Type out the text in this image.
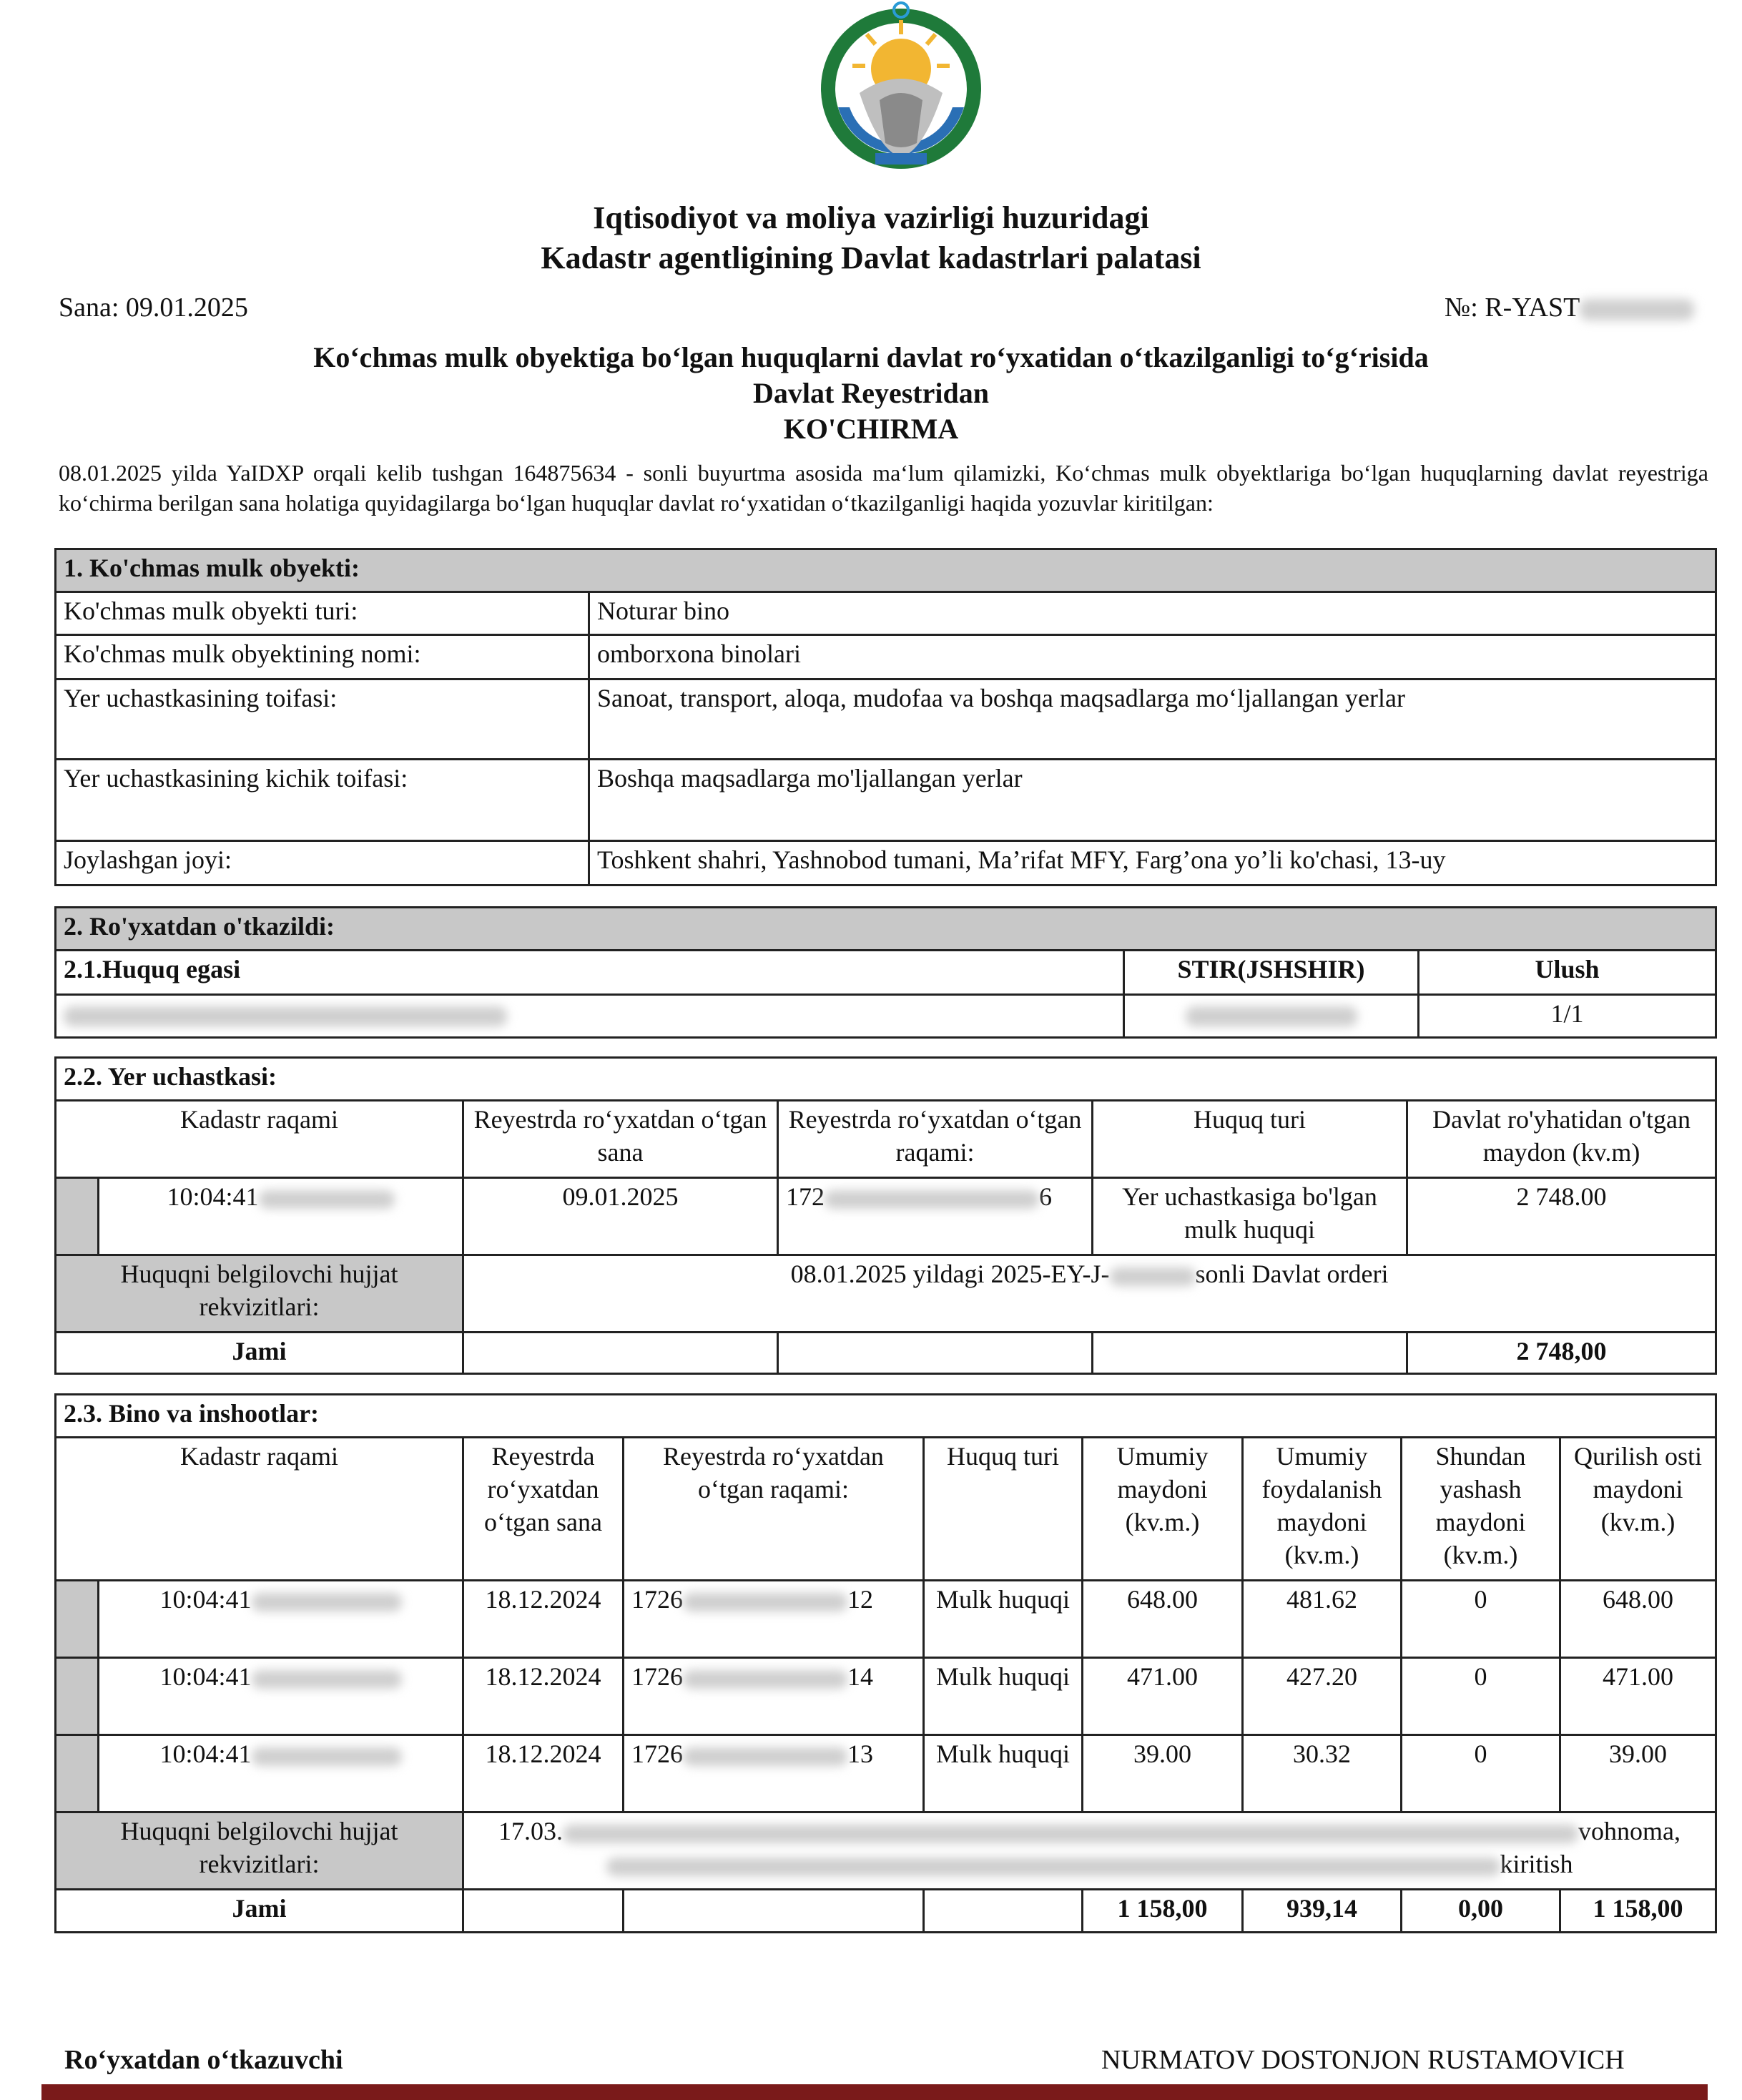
Iqtisodiyot va moliya vazirligi huzuridagi
Kadastr agentligining Davlat kadastrlari palatasi
Sana: 09.01.2025	№: R-YAST
Koʻchmas mulk obyektiga boʻlgan huquqlarni davlat roʻyxatidan oʻtkazilganligi toʻgʻrisida
Davlat Reyestridan
KO'CHIRMA
08.01.2025 yilda YaIDXP orqali kelib tushgan 164875634 - sonli buyurtma asosida maʻlum qilamizki, Koʻchmas mulk obyektlariga boʻlgan huquqlarning davlat reyestriga koʻchirma berilgan sana holatiga quyidagilarga boʻlgan huquqlar davlat roʻyxatidan oʻtkazilganligi haqida yozuvlar kiritilgan:
1. Ko'chmas mulk obyekti:	
Ko'chmas mulk obyekti turi:	Noturar bino
Ko'chmas mulk obyektining nomi:	omborxona binolari
Yer uchastkasining toifasi:	Sanoat, transport, aloqa, mudofaa va boshqa maqsadlarga moʻljallangan yerlar
Yer uchastkasining kichik toifasi:	Boshqa maqsadlarga mo'ljallangan yerlar
Joylashgan joyi:	Toshkent shahri, Yashnobod tumani, Maʼrifat MFY, Fargʼona yoʼli ko'chasi, 13-uy
2. Ro'yxatdan o'tkazildi:		
2.1.Huquq egasi	STIR(JSHSHIR)	Ulush
		1/1
2.2. Yer uchastkasi:					
Kadastr raqami		Reyestrda roʻyxatdan oʻtgan sana	Reyestrda roʻyxatdan oʻtgan raqami:	Huquq turi	Davlat ro'yhatidan o'tgan maydon (kv.m)
	10:04:41	09.01.2025	172 6	Yer uchastkasiga bo'lgan mulk huquqi	2 748.00
Huquqni belgilovchi hujjat rekvizitlari:		08.01.2025 yildagi 2025-EY-J- sonli Davlat orderi			
Jami					2 748,00
2.3. Bino va inshootlar:								
Kadastr raqami		Reyestrda roʻyxatdan oʻtgan sana	Reyestrda roʻyxatdan oʻtgan raqami:	Huquq turi	Umumiy maydoni (kv.m.)	Umumiy foydalanish maydoni (kv.m.)	Shundan yashash maydoni (kv.m.)	Qurilish osti maydoni (kv.m.)
	10:04:41	18.12.2024	1726 12	Mulk huquqi	648.00	481.62	0	648.00
	10:04:41	18.12.2024	1726 14	Mulk huquqi	471.00	427.20	0	471.00
	10:04:41	18.12.2024	1726 13	Mulk huquqi	39.00	30.32	0	39.00
Huquqni belgilovchi hujjat rekvizitlari:		17.03. vohnoma,
kiritish						

Jami					1 158,00	939,14	0,00	1 158,00
Roʻyxatdan oʻtkazuvchi	NURMATOV DOSTONJON RUSTAMOVICH
